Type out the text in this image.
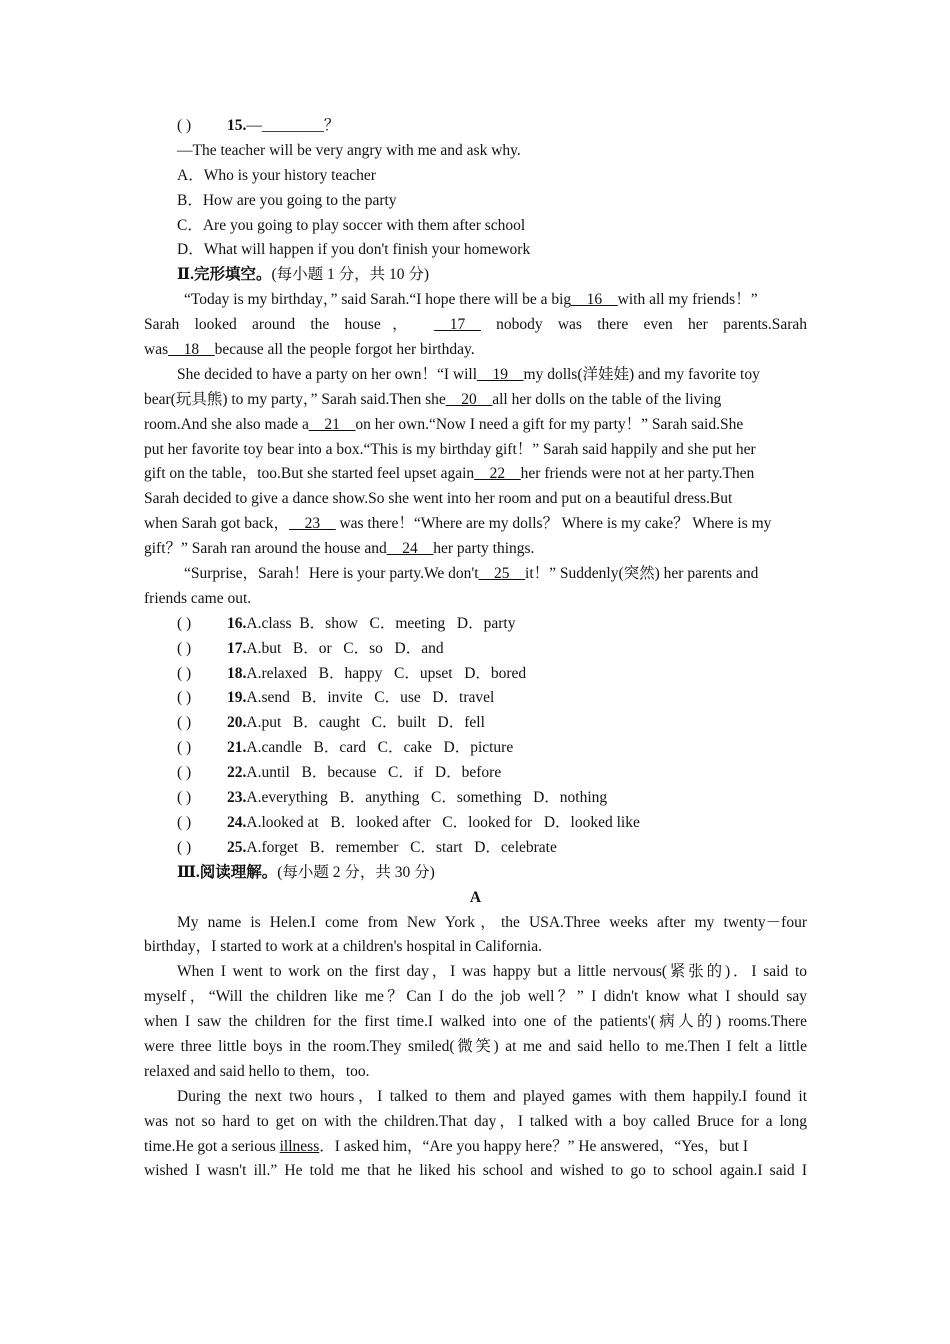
( ) 15.—________？
—The teacher will be very angry with me and ask why.
A．Who is your history teacher
B．How are you going to the party
C．Are you going to play soccer with them after school
D．What will happen if you don't finish your homework
Ⅱ.完形填空。(每小题 1 分，共 10 分)
“Today is my birthday，” said Sarah.“I hope there will be a big__16__with all my friends！”
Sarah looked around the house， __17__ nobody was there even her parents.Sarah
was__18__because all the people forgot her birthday.
She decided to have a party on her own！“I will__19__my dolls(洋娃娃) and my favorite toy
bear(玩具熊) to my party，” Sarah said.Then she__20__all her dolls on the table of the living
room.And she also made a__21__on her own.“Now I need a gift for my party！” Sarah said.She
put her favorite toy bear into a box.“This is my birthday gift！” Sarah said happily and she put her
gift on the table，too.But she started feel upset again__22__her friends were not at her party.Then
Sarah decided to give a dance show.So she went into her room and put on a beautiful dress.But
when Sarah got back，__23__ was there！“Where are my dolls？ Where is my cake？ Where is my
gift？” Sarah ran around the house and__24__her party things.
“Surprise，Sarah！Here is your party.We don't__25__it！” Suddenly(突然) her parents and
friends came out.
( ) 16.A.class  B．show   C．meeting   D．party
( ) 17.A.but   B．or   C．so   D．and
( ) 18.A.relaxed   B．happy   C．upset   D．bored
( ) 19.A.send   B．invite   C．use   D．travel
( ) 20.A.put   B．caught   C．built   D．fell
( ) 21.A.candle   B．card   C．cake   D．picture
( ) 22.A.until   B．because   C．if   D．before
( ) 23.A.everything   B．anything   C．something   D．nothing
( ) 24.A.looked at   B．looked after   C．looked for   D．looked like
( ) 25.A.forget   B．remember   C．start   D．celebrate
Ⅲ.阅读理解。(每小题 2 分，共 30 分)
A
My name is Helen.I come from New York，the USA.Three weeks after my twenty－four
birthday，I started to work at a children's hospital in California.
When I went to work on the first day，I was happy but a little nervous(紧张的)．I said to
myself，“Will the children like me？Can I do the job well？” I didn't know what I should say
when I saw the children for the first time.I walked into one of the patients'(病人的) rooms.There
were three little boys in the room.They smiled(微笑) at me and said hello to me.Then I felt a little
relaxed and said hello to them，too.
During the next two hours，I talked to them and played games with them happily.I found it
was not so hard to get on with the children.That day，I talked with a boy called Bruce for a long
time.He got a serious illness．I asked him，“Are you happy here？” He answered，“Yes，but I
wished I wasn't ill.” He told me that he liked his school and wished to go to school again.I said I
